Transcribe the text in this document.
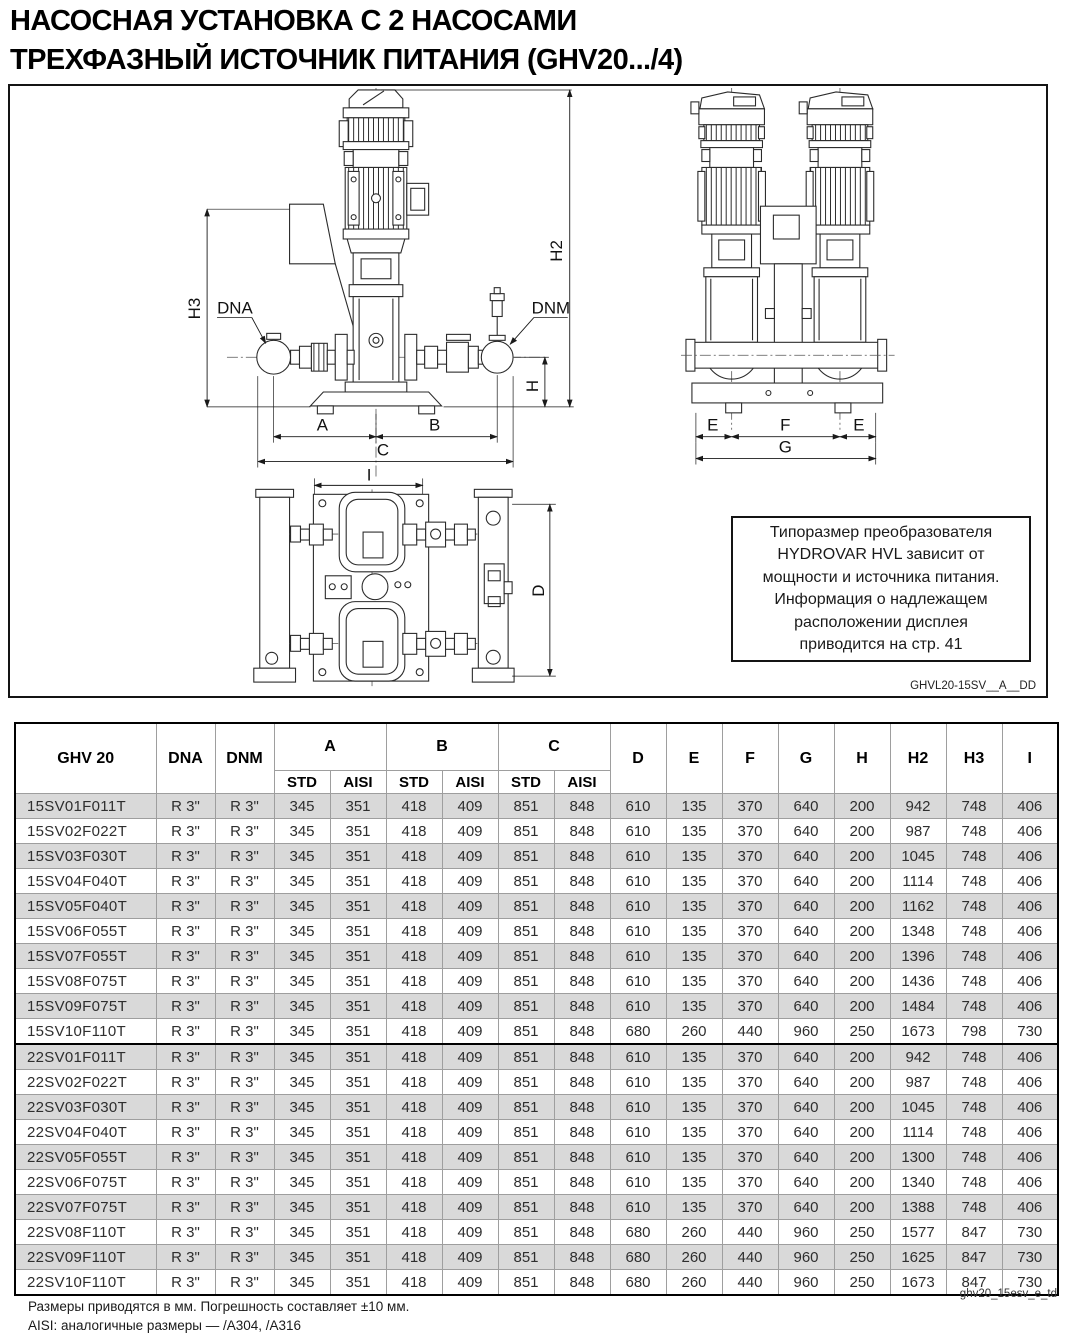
НАСОСНАЯ УСТАНОВКА С 2 НАСОСАМИ
ТРЕХФАЗНЫЙ ИСТОЧНИК ПИТАНИЯ (GHV20.../4)
DNA	DNM
H3
H2
H
A	B
C
E	F	E
G
I
D
Типоразмер преобразователя
HYDROVAR HVL зависит от
мощности и источника питания.
Информация о надлежащем
расположении дисплея
приводится на стр. 41
GHVL20-15SV__A__DD
GHV 20	DNA	DNM	A		B		C		D	E	F	G	H	H2	H3	I
			STD	AISI	STD	AISI	STD	AISI								
15SV01F011T	R 3"	R 3"	345	351	418	409	851	848	610	135	370	640	200	942	748	406
15SV02F022T	R 3"	R 3"	345	351	418	409	851	848	610	135	370	640	200	987	748	406
15SV03F030T	R 3"	R 3"	345	351	418	409	851	848	610	135	370	640	200	1045	748	406
15SV04F040T	R 3"	R 3"	345	351	418	409	851	848	610	135	370	640	200	1114	748	406
15SV05F040T	R 3"	R 3"	345	351	418	409	851	848	610	135	370	640	200	1162	748	406
15SV06F055T	R 3"	R 3"	345	351	418	409	851	848	610	135	370	640	200	1348	748	406
15SV07F055T	R 3"	R 3"	345	351	418	409	851	848	610	135	370	640	200	1396	748	406
15SV08F075T	R 3"	R 3"	345	351	418	409	851	848	610	135	370	640	200	1436	748	406
15SV09F075T	R 3"	R 3"	345	351	418	409	851	848	610	135	370	640	200	1484	748	406
15SV10F110T	R 3"	R 3"	345	351	418	409	851	848	680	260	440	960	250	1673	798	730
22SV01F011T	R 3"	R 3"	345	351	418	409	851	848	610	135	370	640	200	942	748	406
22SV02F022T	R 3"	R 3"	345	351	418	409	851	848	610	135	370	640	200	987	748	406
22SV03F030T	R 3"	R 3"	345	351	418	409	851	848	610	135	370	640	200	1045	748	406
22SV04F040T	R 3"	R 3"	345	351	418	409	851	848	610	135	370	640	200	1114	748	406
22SV05F055T	R 3"	R 3"	345	351	418	409	851	848	610	135	370	640	200	1300	748	406
22SV06F075T	R 3"	R 3"	345	351	418	409	851	848	610	135	370	640	200	1340	748	406
22SV07F075T	R 3"	R 3"	345	351	418	409	851	848	610	135	370	640	200	1388	748	406
22SV08F110T	R 3"	R 3"	345	351	418	409	851	848	680	260	440	960	250	1577	847	730
22SV09F110T	R 3"	R 3"	345	351	418	409	851	848	680	260	440	960	250	1625	847	730
22SV10F110T	R 3"	R 3"	345	351	418	409	851	848	680	260	440	960	250	1673	847	730
Размеры приводятся в мм. Погрешность составляет ±10 мм.
AISI: аналогичные размеры — /A304, /A316
ghv20_15esv_e_td
